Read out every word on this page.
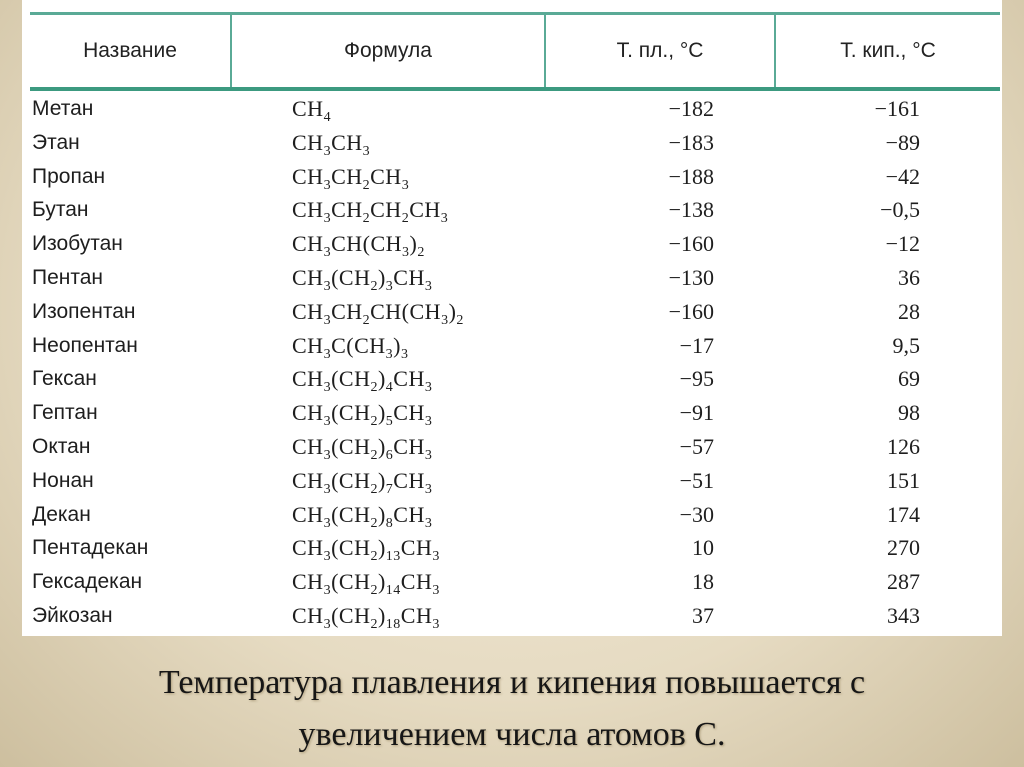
Название	Формула	Т. пл., °С	Т. кип., °С
Метан	$CH_4$	−182	−161
Этан	$CH_3CH_3$	−183	−89
Пропан	$CH_3CH_2CH_3$	−188	−42
Бутан	$CH_3CH_2CH_2CH_3$	−138	−0,5
Изобутан	$CH_3CH(CH_3)_2$	−160	−12
Пентан	$CH_3(CH_2)_3CH_3$	−130	36
Изопентан	$CH_3CH_2CH(CH_3)_2$	−160	28
Неопентан	$CH_3C(CH_3)_3$	−17	9,5
Гексан	$CH_3(CH_2)_4CH_3$	−95	69
Гептан	$CH_3(CH_2)_5CH_3$	−91	98
Октан	$CH_3(CH_2)_6CH_3$	−57	126
Нонан	$CH_3(CH_2)_7CH_3$	−51	151
Декан	$CH_3(CH_2)_8CH_3$	−30	174
Пентадекан	$CH_3(CH_2)_{13}CH_3$	10	270
Гексадекан	$CH_3(CH_2)_{14}CH_3$	18	287
Эйкозан	$CH_3(CH_2)_{18}CH_3$	37	343
Температура плавления и кипения повышается с
увеличением числа атомов С.
